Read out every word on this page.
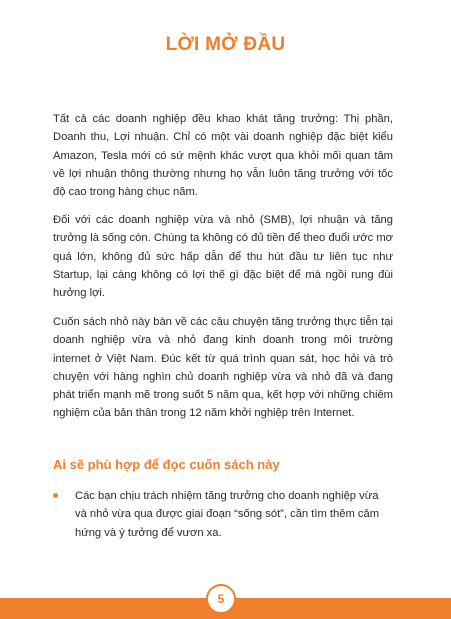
LỜI MỞ ĐẦU

Tất cả các doanh nghiệp đều khao khát tăng trưởng: Thị phần, Doanh thu, Lợi nhuận. Chỉ có một vài doanh nghiệp đặc biệt kiểu Amazon, Tesla mới có sứ mệnh khác vượt qua khỏi mối quan tâm về lợi nhuận thông thường nhưng họ vẫn luôn tăng trưởng với tốc độ cao trong hàng chục năm.

Đối với các doanh nghiệp vừa và nhỏ (SMB), lợi nhuận và tăng trưởng là sống còn. Chúng ta không có đủ tiền để theo đuổi ước mơ quá lớn, không đủ sức hấp dẫn để thu hút đầu tư liên tục như Startup, lại càng không có lợi thế gì đặc biệt để mà ngồi rung đùi hưởng lợi.

Cuốn sách nhỏ này bàn về các câu chuyện tăng trưởng thực tiễn tại doanh nghiệp vừa và nhỏ đang kinh doanh trong môi trường internet ở Việt Nam. Đúc kết từ quá trình quan sát, học hỏi và trò chuyện với hàng nghìn chủ doanh nghiệp vừa và nhỏ đã và đang phát triển mạnh mẽ trong suốt 5 năm qua, kết hợp với những chiêm nghiệm của bản thân trong 12 năm khởi nghiệp trên Internet.

Ai sẽ phù hợp để đọc cuốn sách này

Các bạn chịu trách nhiệm tăng trưởng cho doanh nghiệp vừa và nhỏ vừa qua được giai đoạn “sống sót”, cần tìm thêm cảm hứng và ý tưởng để vươn xa.

5
